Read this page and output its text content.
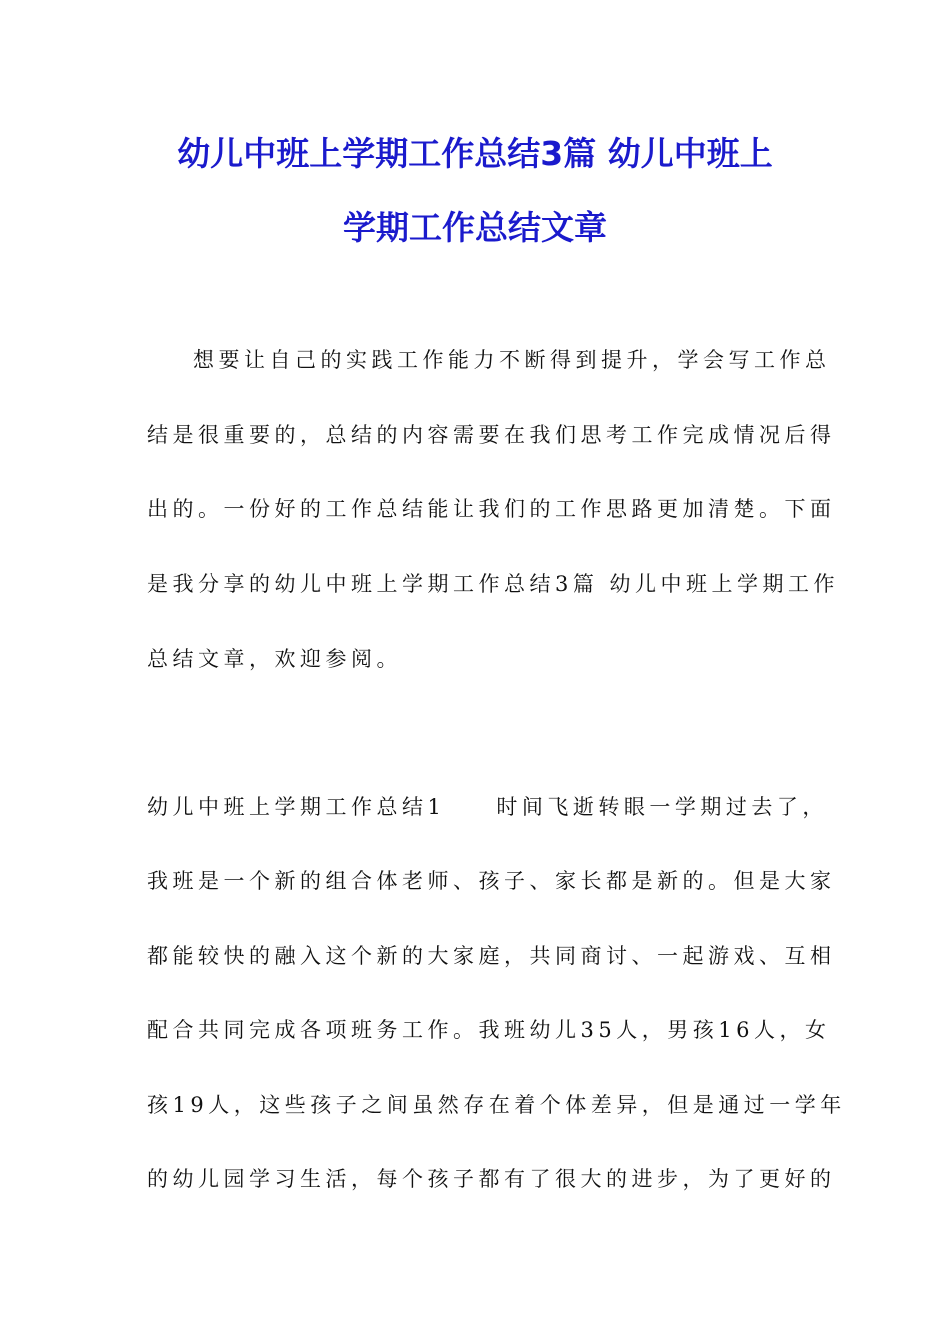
幼儿中班上学期工作总结3篇 幼儿中班上
学期工作总结文章
想要让自己的实践工作能力不断得到提升，学会写工作总
结是很重要的，总结的内容需要在我们思考工作完成情况后得
出的。一份好的工作总结能让我们的工作思路更加清楚。下面
是我分享的幼儿中班上学期工作总结3篇 幼儿中班上学期工作
总结文章，欢迎参阅。
幼儿中班上学期工作总结1　　时间飞逝转眼一学期过去了，
我班是一个新的组合体老师、孩子、家长都是新的。但是大家
都能较快的融入这个新的大家庭，共同商讨、一起游戏、互相
配合共同完成各项班务工作。我班幼儿35人，男孩16人，女
孩19人，这些孩子之间虽然存在着个体差异，但是通过一学年
的幼儿园学习生活，每个孩子都有了很大的进步，为了更好的
